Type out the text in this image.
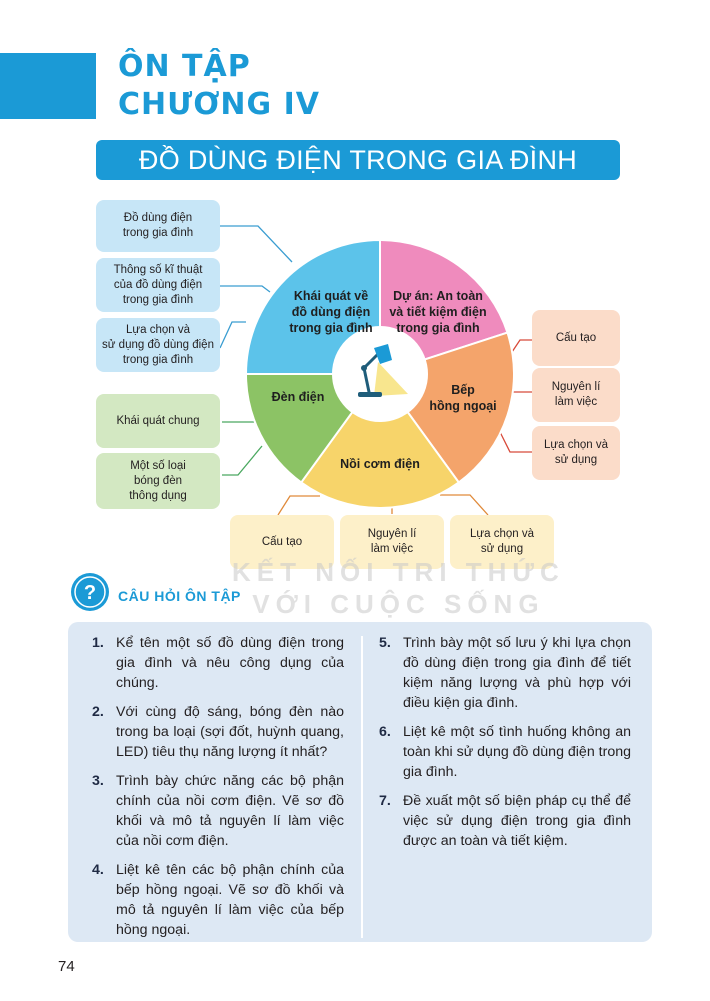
ÔN TẬP
CHƯƠNG IV
ĐỒ DÙNG ĐIỆN TRONG GIA ĐÌNH
Khái quát về
đồ dùng điện
trong gia đình
Dự án: An toàn
và tiết kiệm điện
trong gia đình
Bếp
hồng ngoại
Nồi cơm điện
Đèn điện
Đồ dùng điện
trong gia đình
Thông số kĩ thuật
của đồ dùng điện
trong gia đình
Lựa chọn và
sử dụng đồ dùng điện
trong gia đình
Khái quát chung
Một số loại
bóng đèn
thông dụng
Cấu tạo
Nguyên lí
làm việc
Lựa chọn và
sử dụng
Cấu tạo
Nguyên lí
làm việc
Lựa chọn và
sử dụng
KẾT NỐI TRI THỨC
VỚI CUỘC SỐNG
? CÂU HỎI ÔN TẬP
1. Kể tên một số đồ dùng điện trong gia đình và nêu công dụng của chúng.
2. Với cùng độ sáng, bóng đèn nào trong ba loại (sợi đốt, huỳnh quang, LED) tiêu thụ năng lượng ít nhất?
3. Trình bày chức năng các bộ phận chính của nồi cơm điện. Vẽ sơ đồ khối và mô tả nguyên lí làm việc của nồi cơm điện.
4. Liệt kê tên các bộ phận chính của bếp hồng ngoại. Vẽ sơ đồ khối và mô tả nguyên lí làm việc của bếp hồng ngoại.
5. Trình bày một số lưu ý khi lựa chọn đồ dùng điện trong gia đình để tiết kiệm năng lượng và phù hợp với điều kiện gia đình.
6. Liệt kê một số tình huống không an toàn khi sử dụng đồ dùng điện trong gia đình.
7. Đề xuất một số biện pháp cụ thể để việc sử dụng điện trong gia đình được an toàn và tiết kiệm.
74
